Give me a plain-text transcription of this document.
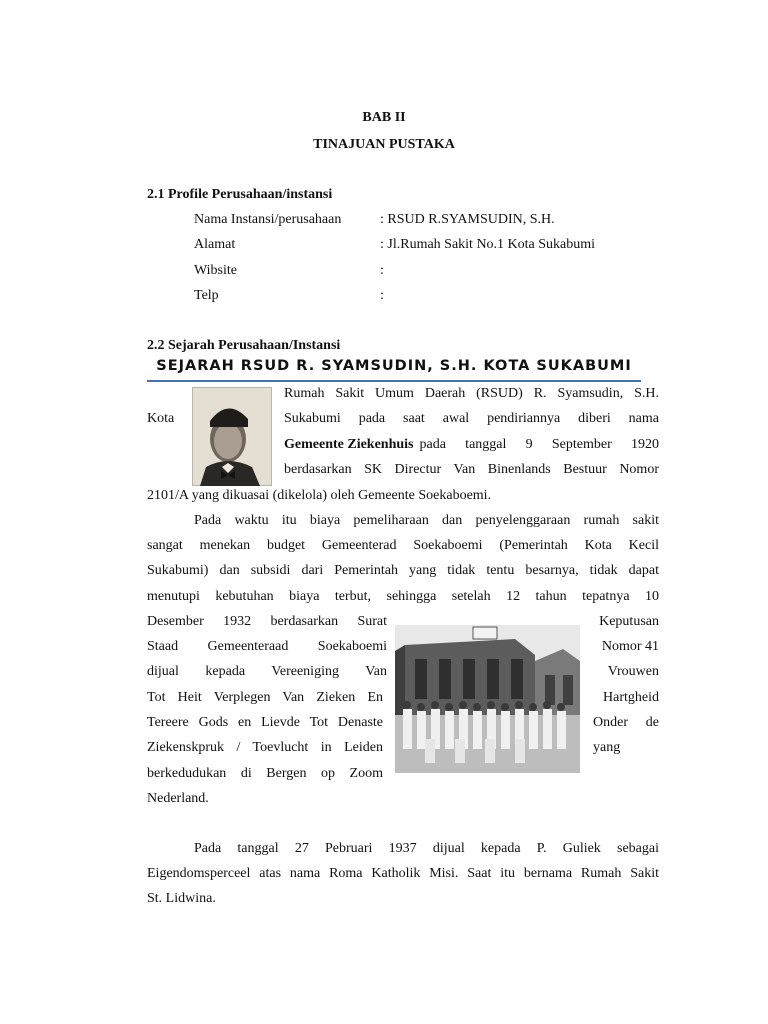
BAB II
TINAJUAN PUSTAKA
2.1 Profile Perusahaan/instansi
Nama Instansi/perusahaan	: RSUD R.SYAMSUDIN, S.H.
Alamat	: Jl.Rumah Sakit No.1 Kota Sukabumi
Wibsite	:
Telp	:
2.2 Sejarah Perusahaan/Instansi
SEJARAH RSUD R. SYAMSUDIN, S.H. KOTA SUKABUMI
Rumah Sakit Umum Daerah (RSUD) R. Syamsudin, S.H.
Kota	Sukabumi pada saat awal pendiriannya diberi nama
Gemeente Ziekenhuis pada tanggal 9 September 1920
berdasarkan SK Directur Van Binenlands Bestuur Nomor
2101/A yang dikuasai (dikelola) oleh Gemeente Soekaboemi.
Pada waktu itu biaya pemeliharaan dan penyelenggaraan rumah sakit
sangat menekan budget Gemeenterad Soekaboemi (Pemerintah Kota Kecil
Sukabumi) dan subsidi dari Pemerintah yang tidak tentu besarnya, tidak dapat
menutupi kebutuhan biaya terbut, sehingga setelah 12 tahun tepatnya 10
Desember 1932 berdasarkan Surat
Staad Gemeenteraad Soekaboemi
dijual kepada Vereeniging Van
Tot Heit Verplegen Van Zieken En
Tereere Gods en Lievde Tot Denaste
Ziekenskpruk / Toevlucht in Leiden
berkedudukan di Bergen op Zoom
Nederland.
Keputusan
Nomor 41
Vrouwen
Hartgheid
Onder de
yang
Pada tanggal 27 Pebruari 1937 dijual kepada P. Guliek sebagai
Eigendomsperceel atas nama Roma Katholik Misi. Saat itu bernama Rumah Sakit
St. Lidwina.
